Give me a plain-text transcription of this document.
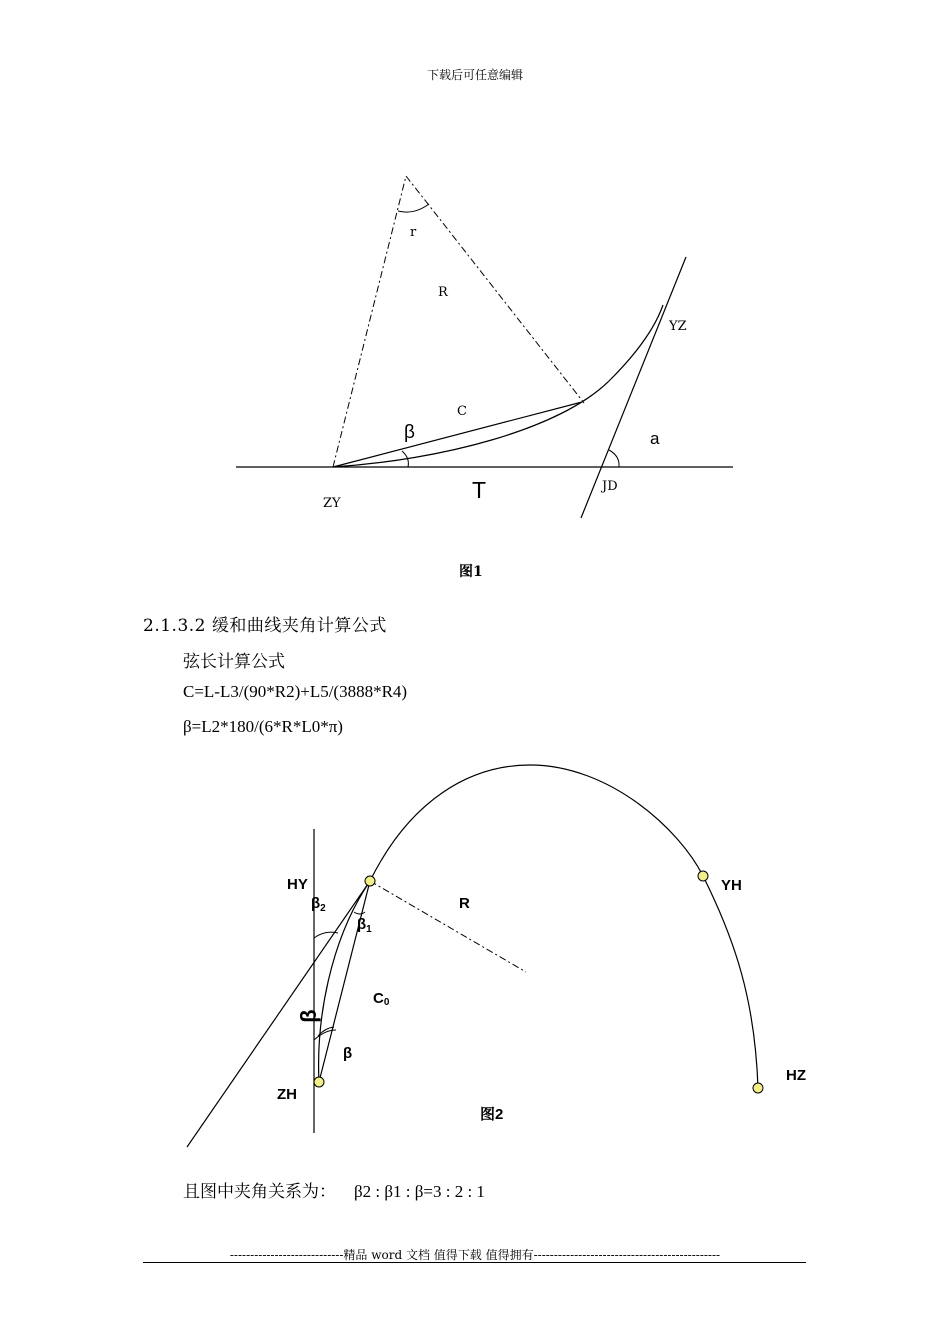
下载后可任意编辑
r
R
YZ
C
β	a
ZY
T	JD
图1
2.1.3.2 缓和曲线夹角计算公式
弦长计算公式
C=L-L3/(90*R2)+L5/(3888*R4)
β=L2*180/(6*R*L0*π)
HY
$\beta_2$
$\beta_1$
R
YH
C0
β
β
ZH
HZ
图2
且图中夹角关系为： β2 : β1 : β=3 : 2 : 1
----------------------------精品 word 文档 值得下载 值得拥有----------------------------------------------
